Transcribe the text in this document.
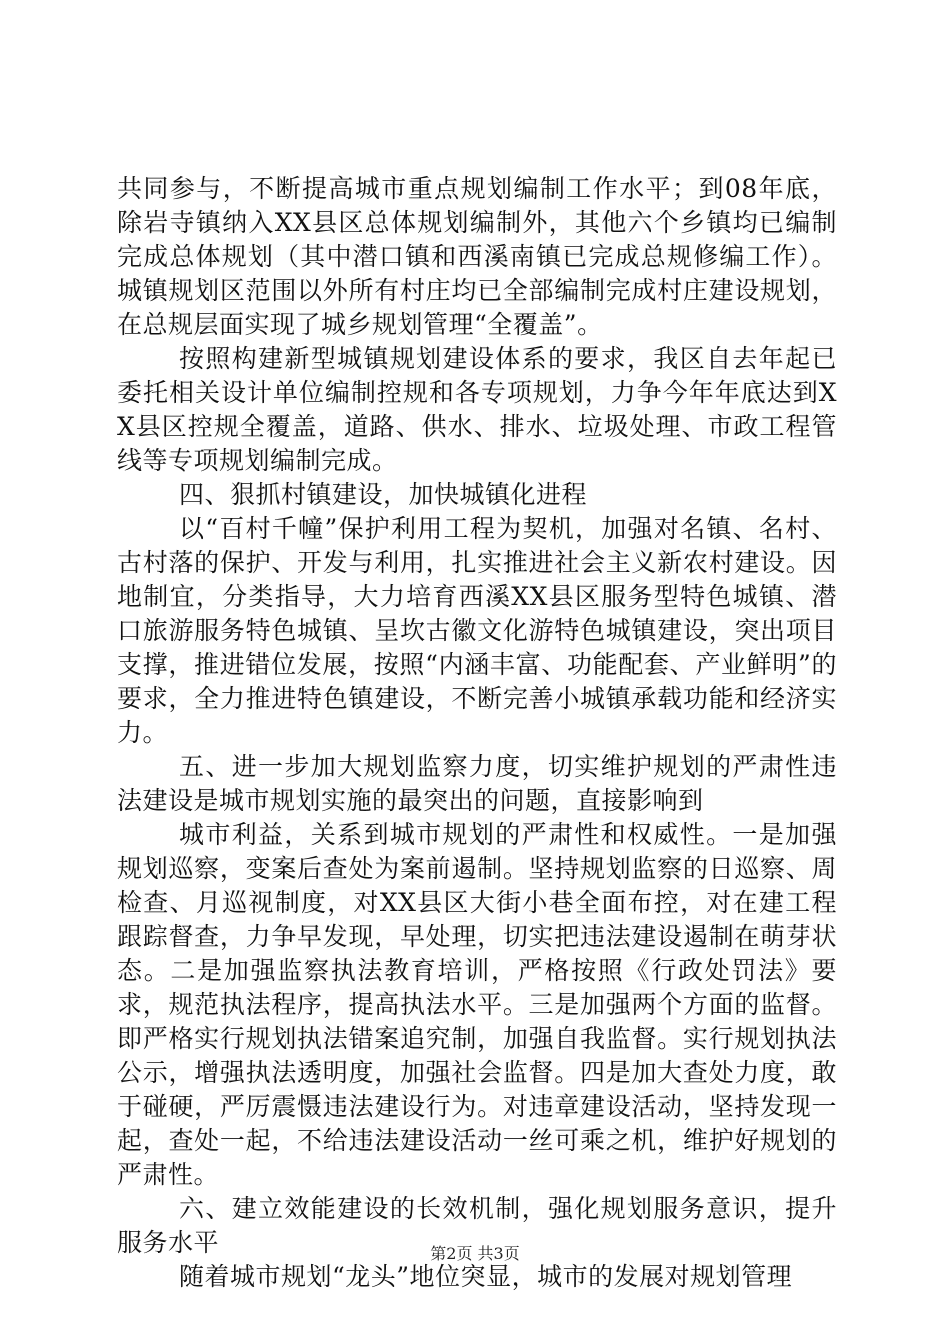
共同参与，不断提高城市重点规划编制工作水平；到08年底，除岩寺镇纳入XX县区总体规划编制外，其他六个乡镇均已编制完成总体规划（其中潜口镇和西溪南镇已完成总规修编工作）。城镇规划区范围以外所有村庄均已全部编制完成村庄建设规划，在总规层面实现了城乡规划管理“全覆盖”。

按照构建新型城镇规划建设体系的要求，我区自去年起已委托相关设计单位编制控规和各专项规划，力争今年年底达到XX县区控规全覆盖，道路、供水、排水、垃圾处理、市政工程管线等专项规划编制完成。

四、狠抓村镇建设，加快城镇化进程

以“百村千幢”保护利用工程为契机，加强对名镇、名村、古村落的保护、开发与利用，扎实推进社会主义新农村建设。因地制宜，分类指导，大力培育西溪XX县区服务型特色城镇、潜口旅游服务特色城镇、呈坎古徽文化游特色城镇建设，突出项目支撑，推进错位发展，按照“内涵丰富、功能配套、产业鲜明”的要求，全力推进特色镇建设，不断完善小城镇承载功能和经济实力。

五、进一步加大规划监察力度，切实维护规划的严肃性违法建设是城市规划实施的最突出的问题，直接影响到

城市利益，关系到城市规划的严肃性和权威性。一是加强规划巡察，变案后查处为案前遏制。坚持规划监察的日巡察、周检查、月巡视制度，对XX县区大街小巷全面布控，对在建工程跟踪督查，力争早发现，早处理，切实把违法建设遏制在萌芽状态。二是加强监察执法教育培训，严格按照《行政处罚法》要求，规范执法程序，提高执法水平。三是加强两个方面的监督。即严格实行规划执法错案追究制，加强自我监督。实行规划执法公示，增强执法透明度，加强社会监督。四是加大查处力度，敢于碰硬，严厉震慑违法建设行为。对违章建设活动，坚持发现一起，查处一起，不给违法建设活动一丝可乘之机，维护好规划的严肃性。

六、建立效能建设的长效机制，强化规划服务意识，提升服务水平

随着城市规划“龙头”地位突显，城市的发展对规划管理

第2页 共3页
